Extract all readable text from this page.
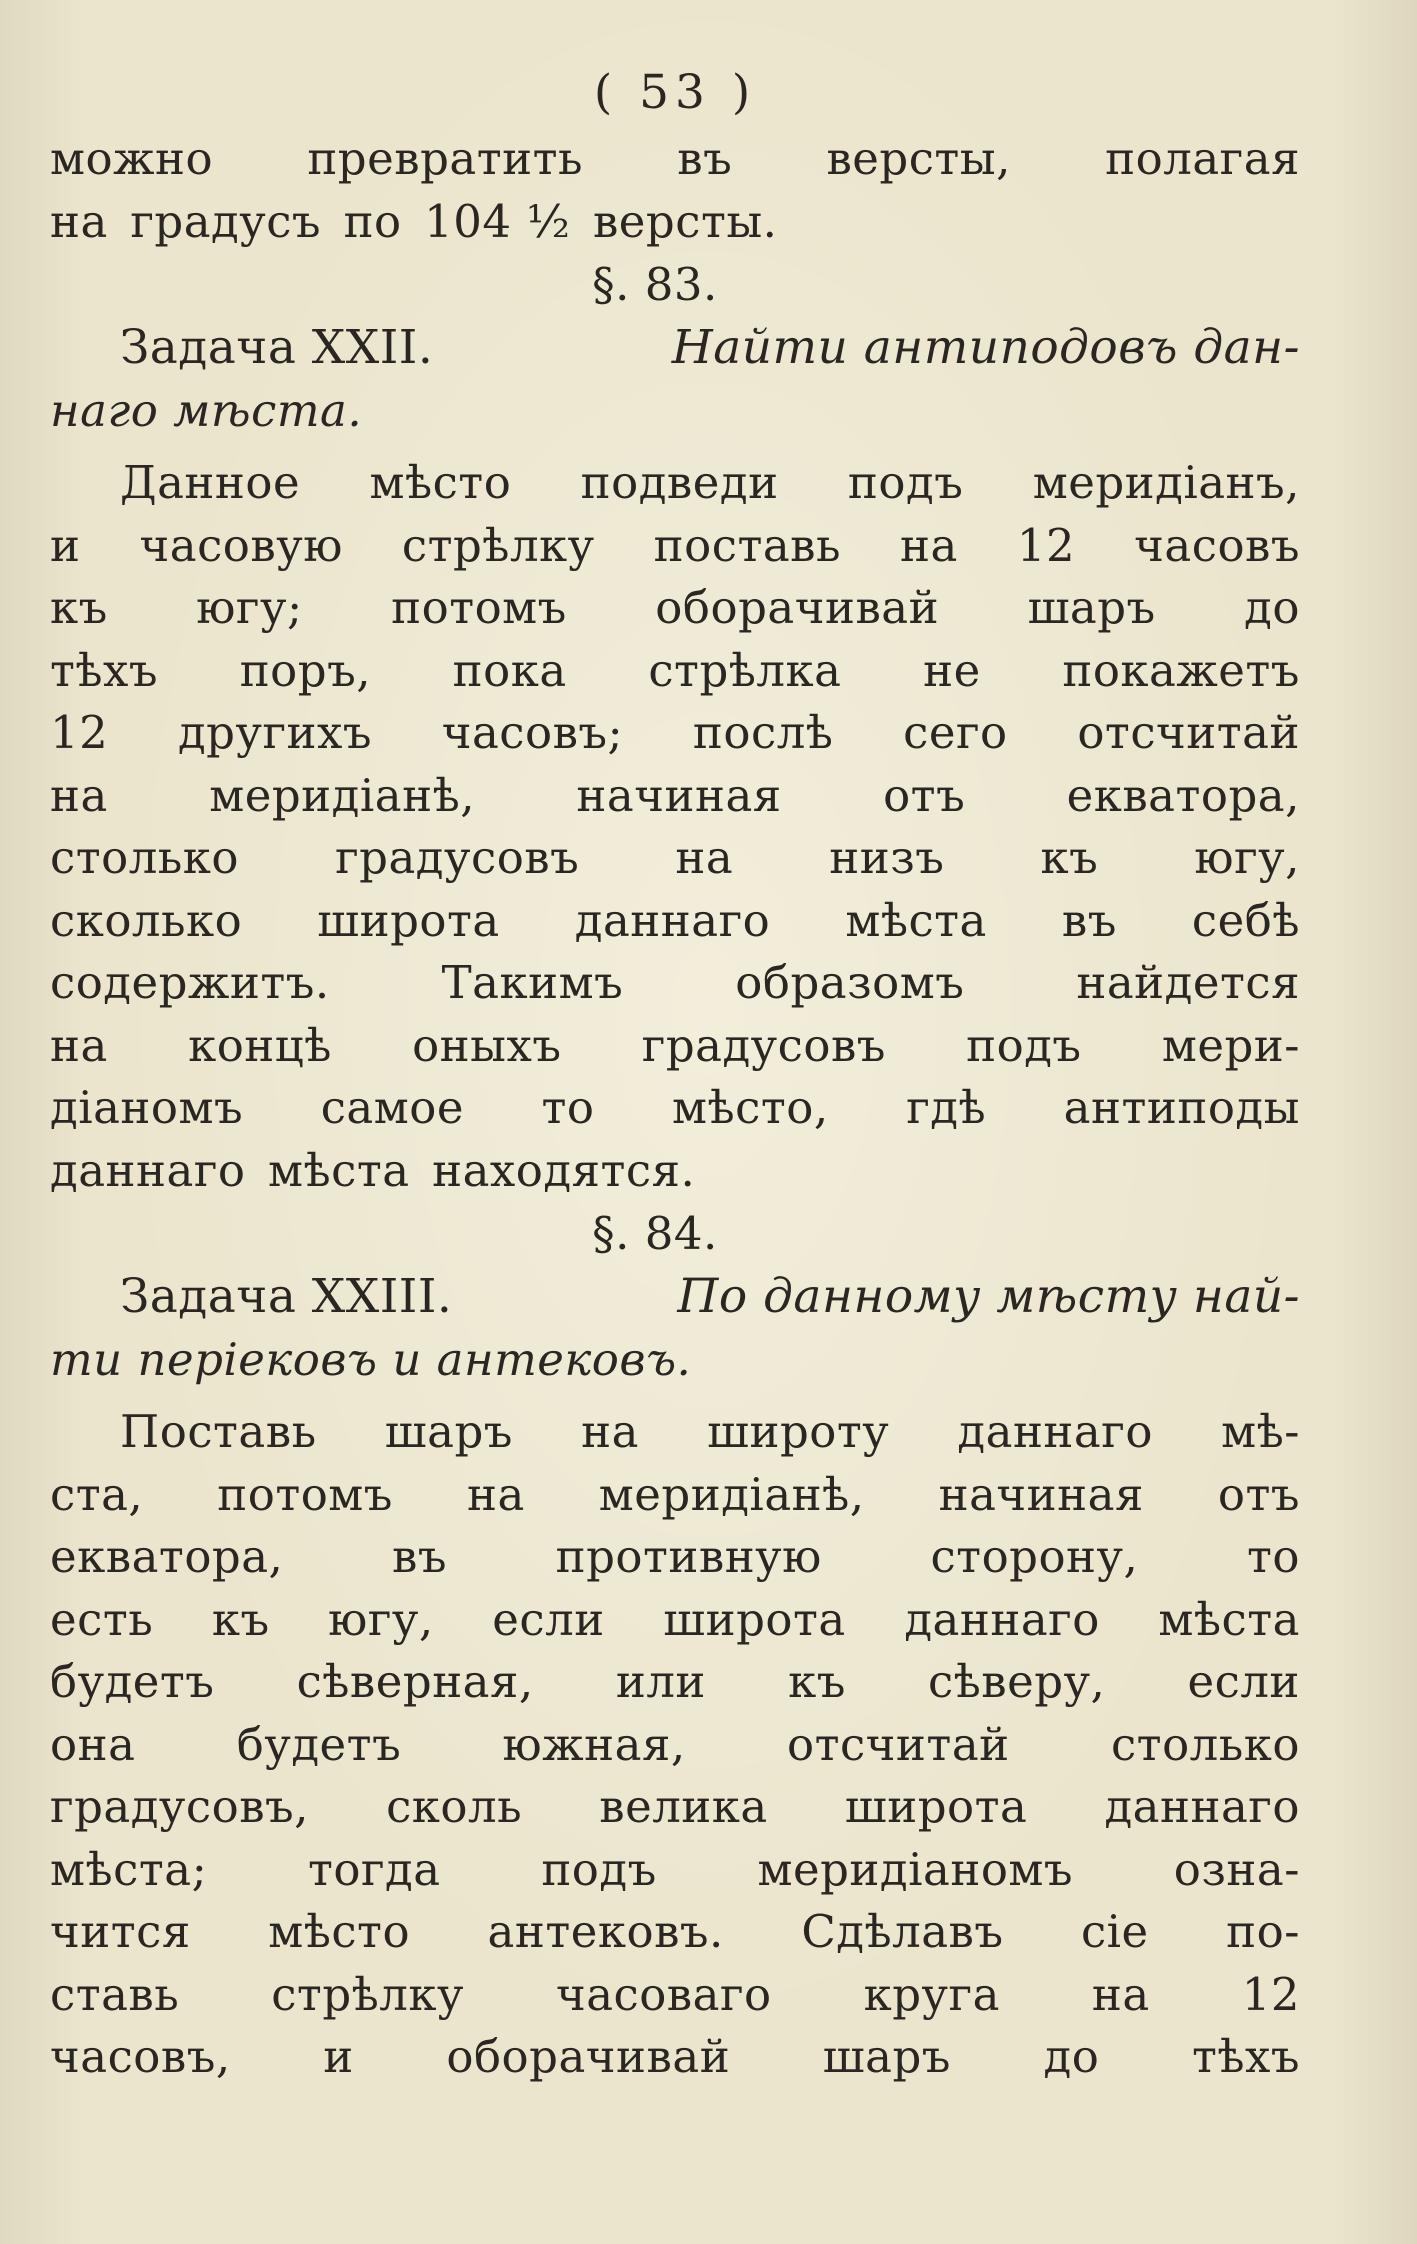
( 53 )
можно превратить въ версты, полагая
на градусъ по 104 ½ версты.
§. 83.
Задача XXII.	Найти антиподовъ дан-
наго мѣста.
Данное мѣсто подведи подъ меридіанъ,
и часовую стрѣлку поставь на 12 часовъ
къ югу; потомъ оборачивай шаръ до
тѣхъ поръ, пока стрѣлка не покажетъ
12 другихъ часовъ; послѣ сего отсчитай
на меридіанѣ, начиная отъ екватора,
столько градусовъ на низъ къ югу,
сколько широта даннаго мѣста въ себѣ
содержитъ. Такимъ образомъ найдется
на концѣ оныхъ градусовъ подъ мери-
діаномъ самое то мѣсто, гдѣ антиподы
даннаго мѣста находятся.
§. 84.
Задача XXIII.	По данному мѣсту най-
ти періековъ и антековъ.
Поставь шаръ на широту даннаго мѣ-
ста, потомъ на меридіанѣ, начиная отъ
екватора, въ противную сторону, то
есть къ югу, если широта даннаго мѣста
будетъ сѣверная, или къ сѣверу, если
она будетъ южная, отсчитай столько
градусовъ, сколь велика широта даннаго
мѣста; тогда подъ меридіаномъ озна-
чится мѣсто антековъ. Сдѣлавъ сіе по-
ставь стрѣлку часоваго круга на 12
часовъ, и оборачивай шаръ до тѣхъ
